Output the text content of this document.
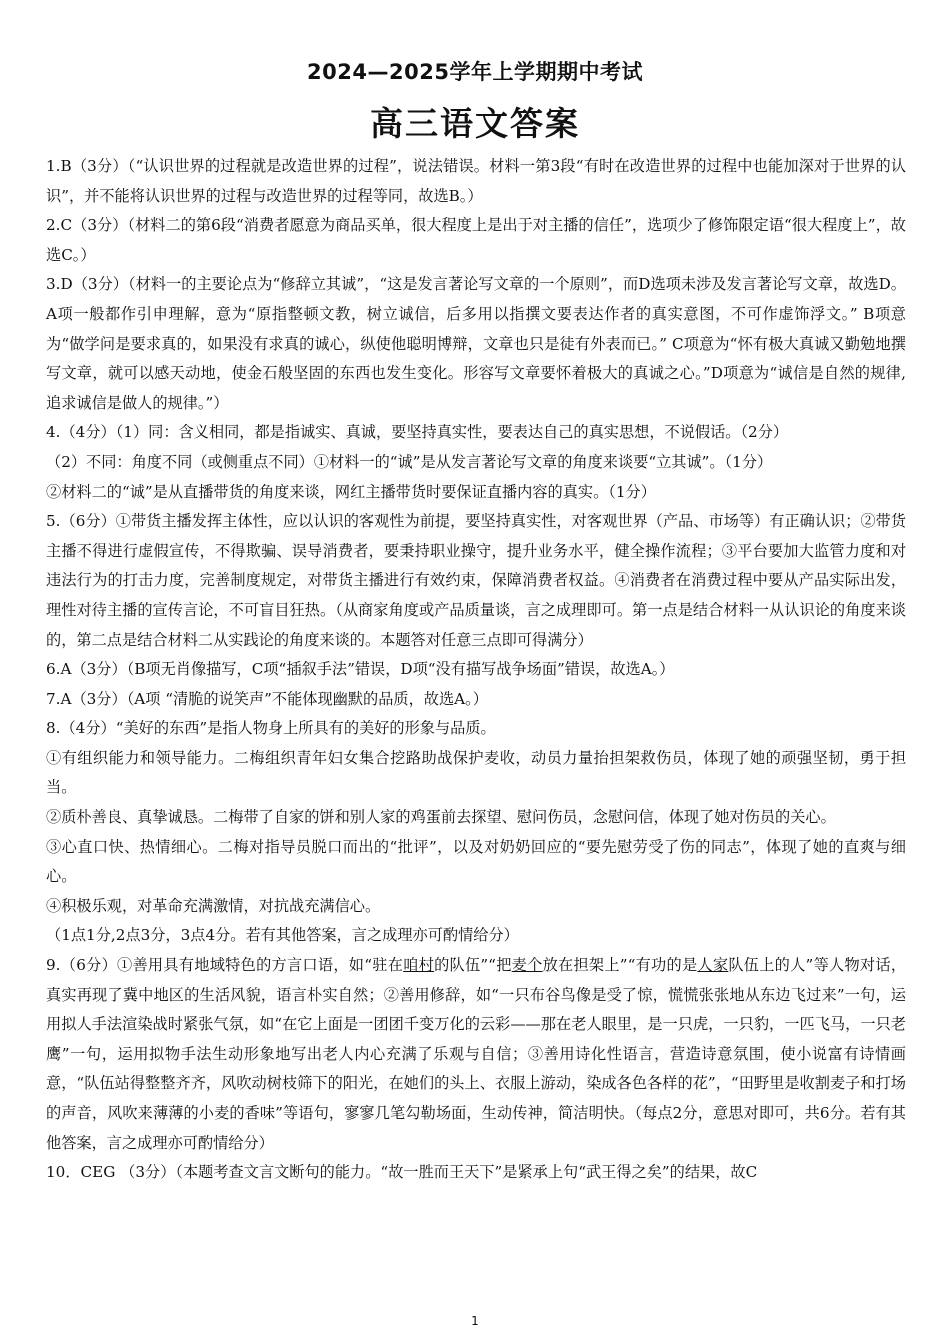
2024—2025学年上学期期中考试
高三语文答案

1.B（3分）（“认识世界的过程就是改造世界的过程”，说法错误。材料一第3段“有时在改造世界的过程中也能加深对于世界的认识”，并不能将认识世界的过程与改造世界的过程等同，故选B。）

2.C（3分）（材料二的第6段“消费者愿意为商品买单，很大程度上是出于对主播的信任”，选项少了修饰限定语“很大程度上”，故选C。）

3.D（3分）（材料一的主要论点为“修辞立其诚”，“这是发言著论写文章的一个原则”，而D选项未涉及发言著论写文章，故选D。 A项一般都作引申理解，意为“原指整顿文教，树立诚信，后多用以指撰文要表达作者的真实意图，不可作虚饰浮文。” B项意为“做学问是要求真的，如果没有求真的诚心，纵使他聪明博辩，文章也只是徒有外表而已。” C项意为“怀有极大真诚又勤勉地撰写文章，就可以感天动地，使金石般坚固的东西也发生变化。形容写文章要怀着极大的真诚之心。”D项意为“诚信是自然的规律,追求诚信是做人的规律。”）

4.（4分）（1）同：含义相同，都是指诚实、真诚，要坚持真实性，要表达自己的真实思想，不说假话。（2分）

（2）不同：角度不同（或侧重点不同）①材料一的“诚”是从发言著论写文章的角度来谈要“立其诚”。（1分）

②材料二的“诚”是从直播带货的角度来谈，网红主播带货时要保证直播内容的真实。（1分）

5.（6分）①带货主播发挥主体性，应以认识的客观性为前提，要坚持真实性，对客观世界（产品、市场等）有正确认识；②带货主播不得进行虚假宣传，不得欺骗、误导消费者，要秉持职业操守，提升业务水平，健全操作流程；③平台要加大监管力度和对违法行为的打击力度，完善制度规定，对带货主播进行有效约束，保障消费者权益。④消费者在消费过程中要从产品实际出发，理性对待主播的宣传言论，不可盲目狂热。（从商家角度或产品质量谈，言之成理即可。第一点是结合材料一从认识论的角度来谈的，第二点是结合材料二从实践论的角度来谈的。本题答对任意三点即可得满分）

6.A（3分）（B项无肖像描写，C项“插叙手法”错误，D项“没有描写战争场面”错误，故选A。）

7.A（3分）（A项 “清脆的说笑声”不能体现幽默的品质，故选A。）

8.（4分）“美好的东西”是指人物身上所具有的美好的形象与品质。

①有组织能力和领导能力。二梅组织青年妇女集合挖路助战保护麦收，动员力量抬担架救伤员，体现了她的顽强坚韧，勇于担当。

②质朴善良、真挚诚恳。二梅带了自家的饼和别人家的鸡蛋前去探望、慰问伤员，念慰问信，体现了她对伤员的关心。

③心直口快、热情细心。二梅对指导员脱口而出的“批评”，以及对奶奶回应的“要先慰劳受了伤的同志”，体现了她的直爽与细心。

④积极乐观，对革命充满激情，对抗战充满信心。

（1点1分,2点3分，3点4分。若有其他答案，言之成理亦可酌情给分）

9.（6分）①善用具有地域特色的方言口语，如“驻在咱村的队伍”“把麦个放在担架上”“有功的是人家队伍上的人”等人物对话，真实再现了冀中地区的生活风貌，语言朴实自然；②善用修辞，如“一只布谷鸟像是受了惊，慌慌张张地从东边飞过来”一句，运用拟人手法渲染战时紧张气氛，如“在它上面是一团团千变万化的云彩——那在老人眼里，是一只虎，一只豹，一匹飞马，一只老鹰”一句，运用拟物手法生动形象地写出老人内心充满了乐观与自信；③善用诗化性语言，营造诗意氛围，使小说富有诗情画意，“队伍站得整整齐齐，风吹动树枝筛下的阳光，在她们的头上、衣服上游动，染成各色各样的花”，“田野里是收割麦子和打场的声音，风吹来薄薄的小麦的香味”等语句，寥寥几笔勾勒场面，生动传神，简洁明快。（每点2分，意思对即可，共6分。若有其他答案，言之成理亦可酌情给分）

10．CEG （3分）（本题考查文言文断句的能力。“故一胜而王天下”是紧承上句“武王得之矣”的结果，故C

1
